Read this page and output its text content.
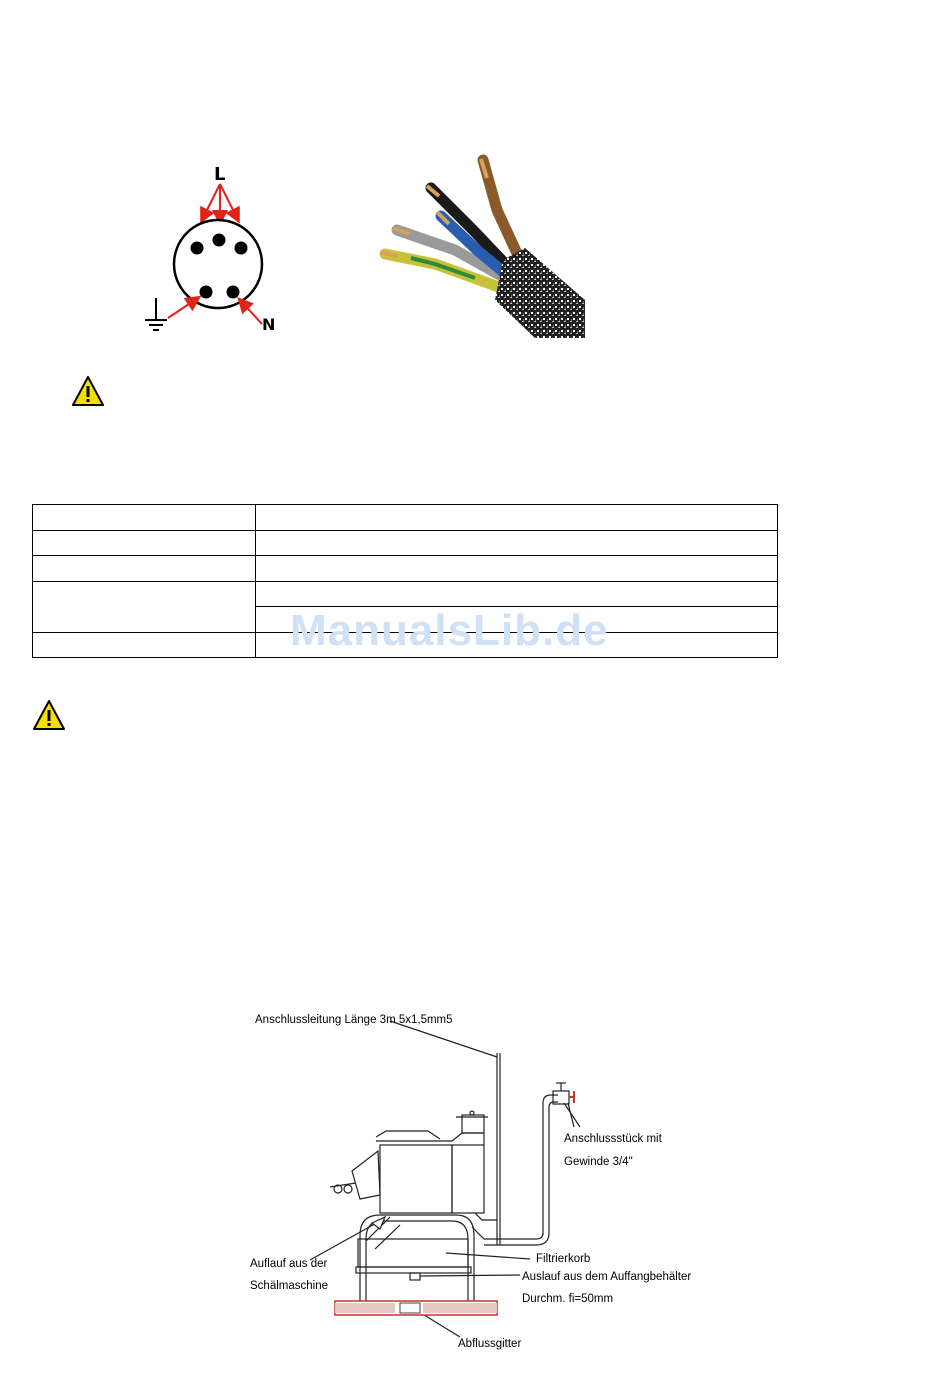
L
N

ManualsLib.de
Anschlussleitung Länge 3m 5x1,5mm5
Anschlussstück mit
Gewinde 3/4"
Filtrierkorb
Auslauf aus dem Auffangbehälter
Durchm. fi=50mm
Auflauf aus der
Schälmaschine
Abflussgitter
